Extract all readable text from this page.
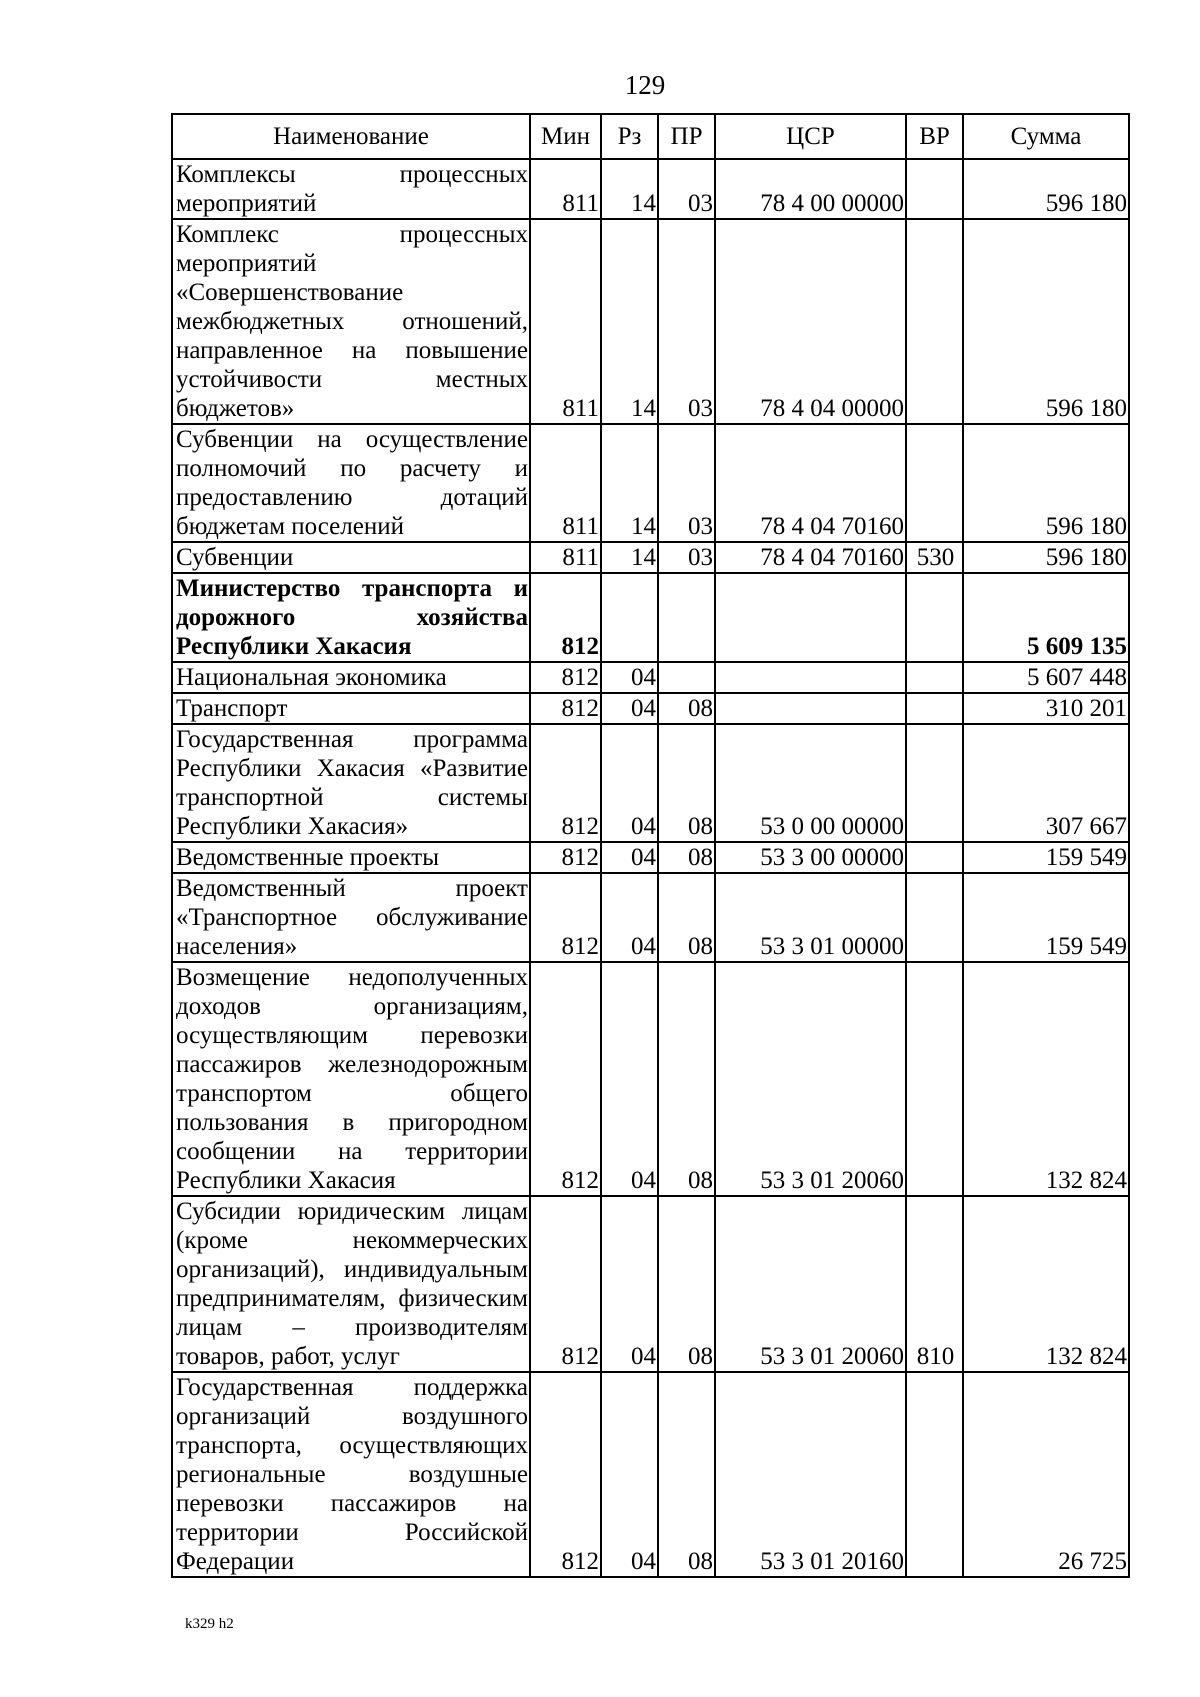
129
Наименование	Мин	Рз	ПР	ЦСР	ВР	Сумма
Комплексы процессных мероприятий	811	14	03	78 4 00 00000		596 180
Комплекс процессных мероприятий «Совершенствование межбюджетных отношений, направленное на повышение устойчивости местных бюджетов»	811	14	03	78 4 04 00000		596 180
Субвенции на осуществление полномочий по расчету и предоставлению дотаций бюджетам поселений	811	14	03	78 4 04 70160		596 180
Субвенции	811	14	03	78 4 04 70160	530	596 180
Министерство транспорта и дорожного хозяйства Республики Хакасия	812					5 609 135
Национальная экономика	812	04				5 607 448
Транспорт	812	04	08			310 201
Государственная программа Республики Хакасия «Развитие транспортной системы Республики Хакасия»	812	04	08	53 0 00 00000		307 667
Ведомственные проекты	812	04	08	53 3 00 00000		159 549
Ведомственный проект «Транспортное обслуживание населения»	812	04	08	53 3 01 00000		159 549
Возмещение недополученных доходов организациям, осуществляющим перевозки пассажиров железнодорожным транспортом общего пользования в пригородном сообщении на территории Республики Хакасия	812	04	08	53 3 01 20060		132 824
Субсидии юридическим лицам (кроме некоммерческих организаций), индивидуальным предпринимателям, физическим лицам – производителям товаров, работ, услуг	812	04	08	53 3 01 20060	810	132 824
Государственная поддержка организаций воздушного транспорта, осуществляющих региональные воздушные перевозки пассажиров на территории Российской Федерации	812	04	08	53 3 01 20160		26 725
k329 h2
